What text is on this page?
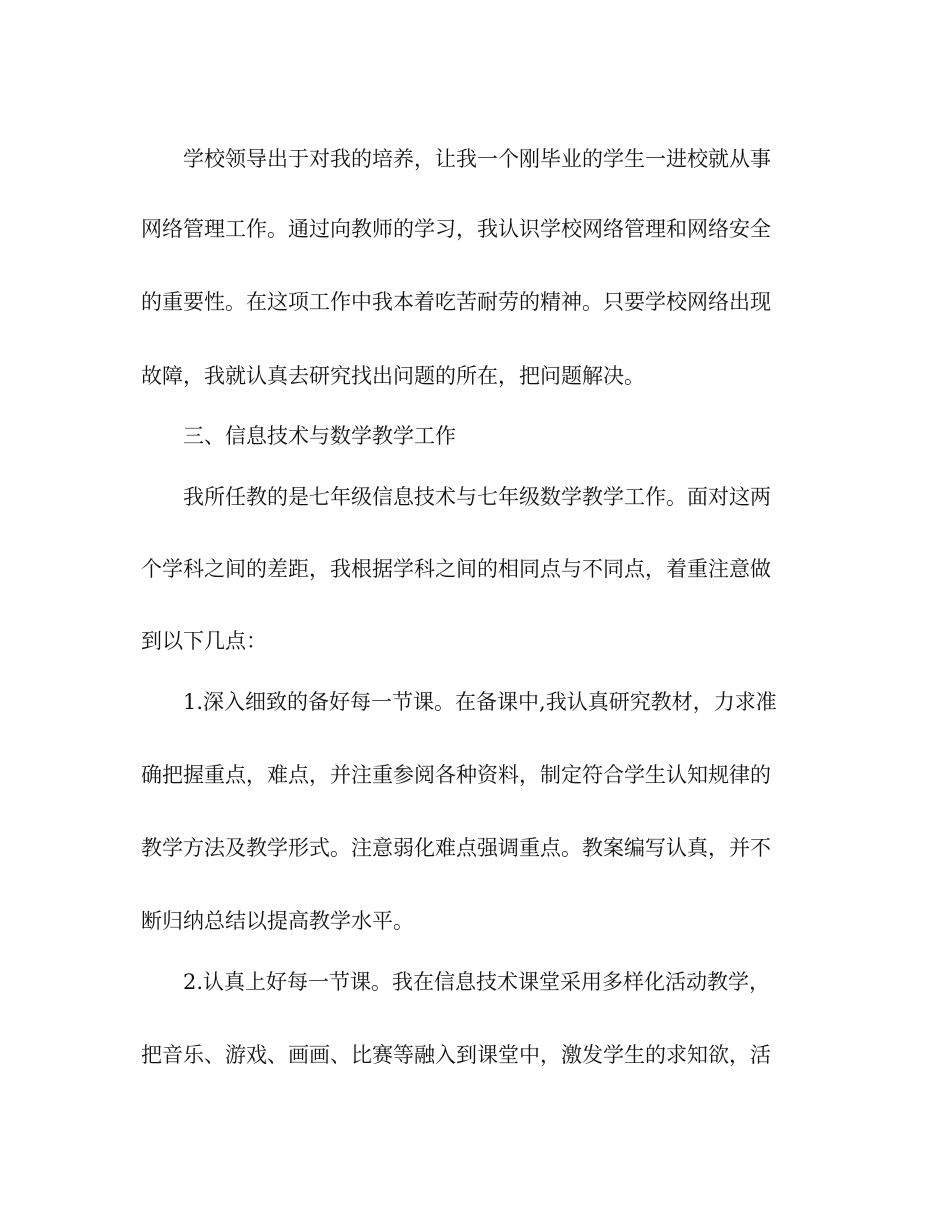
学校领导出于对我的培养，让我一个刚毕业的学生一进校就从事
网络管理工作。通过向教师的学习，我认识学校网络管理和网络安全
的重要性。在这项工作中我本着吃苦耐劳的精神。只要学校网络出现
故障，我就认真去研究找出问题的所在，把问题解决。
三、信息技术与数学教学工作
我所任教的是七年级信息技术与七年级数学教学工作。面对这两
个学科之间的差距，我根据学科之间的相同点与不同点，着重注意做
到以下几点：
1.深入细致的备好每一节课。在备课中,我认真研究教材，力求准
确把握重点，难点，并注重参阅各种资料，制定符合学生认知规律的
教学方法及教学形式。注意弱化难点强调重点。教案编写认真，并不
断归纳总结以提高教学水平。
2.认真上好每一节课。我在信息技术课堂采用多样化活动教学，
把音乐、游戏、画画、比赛等融入到课堂中，激发学生的求知欲，活
